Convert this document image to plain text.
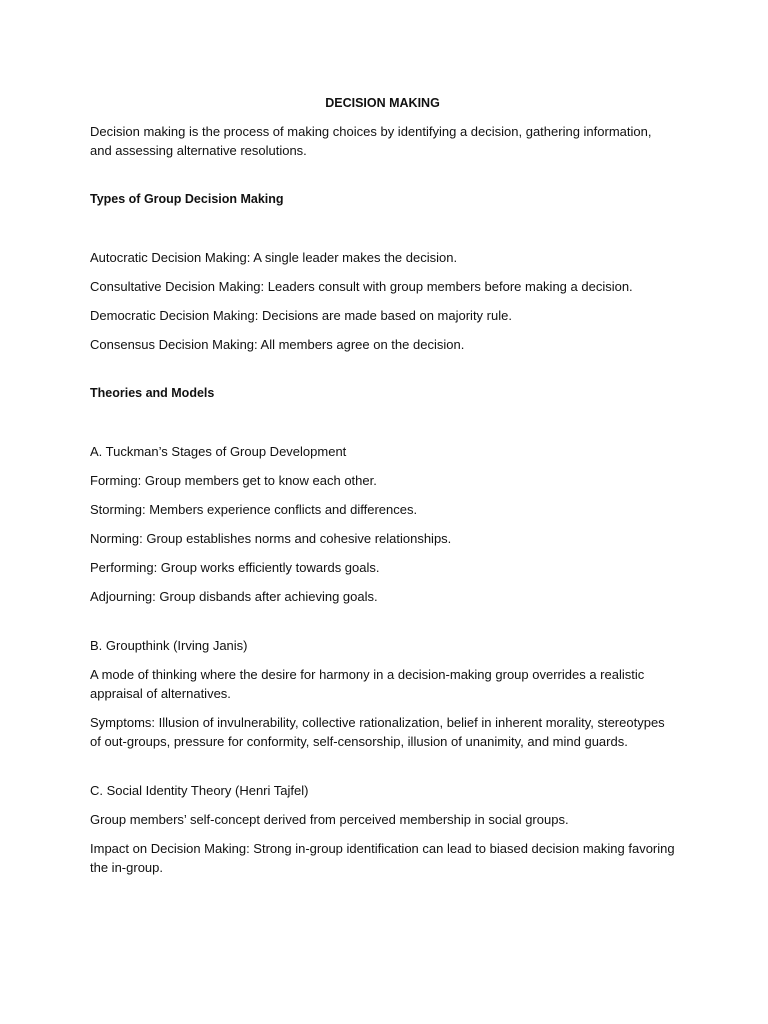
DECISION MAKING

Decision making is the process of making choices by identifying a decision, gathering information, and assessing alternative resolutions.

Types of Group Decision Making

Autocratic Decision Making: A single leader makes the decision.

Consultative Decision Making: Leaders consult with group members before making a decision.

Democratic Decision Making: Decisions are made based on majority rule.

Consensus Decision Making: All members agree on the decision.

Theories and Models

A. Tuckman’s Stages of Group Development

Forming: Group members get to know each other.

Storming: Members experience conflicts and differences.

Norming: Group establishes norms and cohesive relationships.

Performing: Group works efficiently towards goals.

Adjourning: Group disbands after achieving goals.

B. Groupthink (Irving Janis)

A mode of thinking where the desire for harmony in a decision-making group overrides a realistic appraisal of alternatives.

Symptoms: Illusion of invulnerability, collective rationalization, belief in inherent morality, stereotypes of out-groups, pressure for conformity, self-censorship, illusion of unanimity, and mind guards.

C. Social Identity Theory (Henri Tajfel)

Group members’ self-concept derived from perceived membership in social groups.

Impact on Decision Making: Strong in-group identification can lead to biased decision making favoring the in-group.
